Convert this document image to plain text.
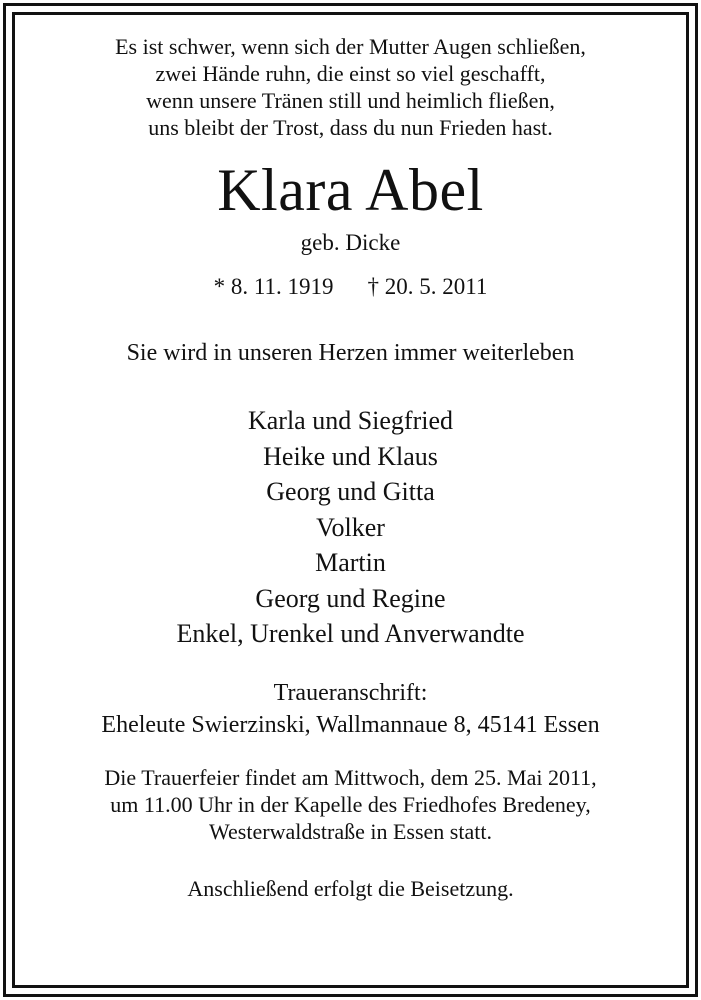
Es ist schwer, wenn sich der Mutter Augen schließen,
zwei Hände ruhn, die einst so viel geschafft,
wenn unsere Tränen still und heimlich fließen,
uns bleibt der Trost, dass du nun Frieden hast.
Klara Abel
geb. Dicke
* 8. 11. 1919 † 20. 5. 2011
Sie wird in unseren Herzen immer weiterleben
Karla und Siegfried
Heike und Klaus
Georg und Gitta
Volker
Martin
Georg und Regine
Enkel, Urenkel und Anverwandte
Traueranschrift:
Eheleute Swierzinski, Wallmannaue 8, 45141 Essen
Die Trauerfeier findet am Mittwoch, dem 25. Mai 2011,
um 11.00 Uhr in der Kapelle des Friedhofes Bredeney,
Westerwaldstraße in Essen statt.
Anschließend erfolgt die Beisetzung.
